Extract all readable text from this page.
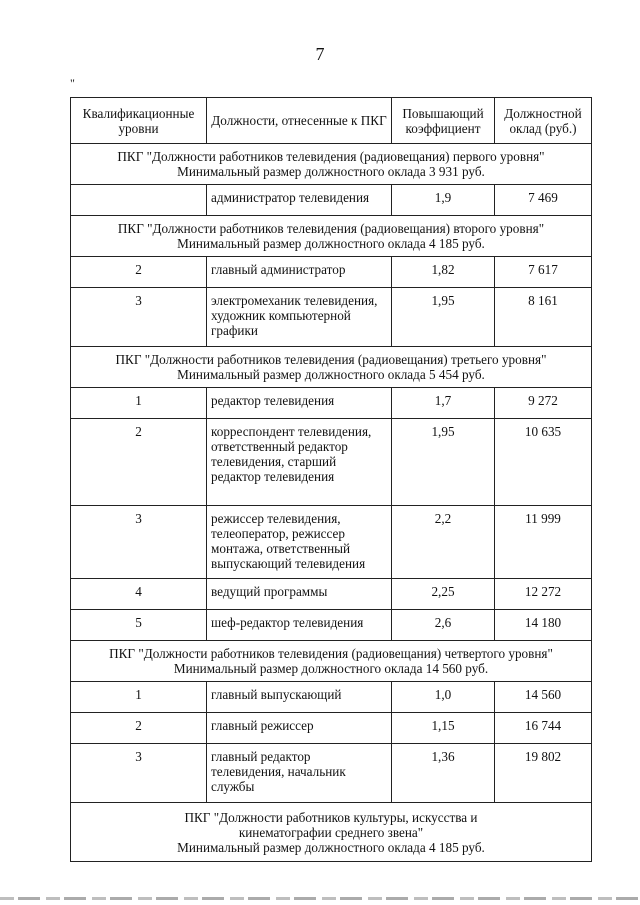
7
"
Квалификационные уровни	Должности, отнесенные к ПКГ	Повышающий коэффициент	Должностной оклад (руб.)

ПКГ "Должности работников телевидения (радиовещания) первого уровня"
Минимальный размер должностного оклада 3 931 руб.			

	администратор телевидения	1,9	7 469

ПКГ "Должности работников телевидения (радиовещания) второго уровня"
Минимальный размер должностного оклада 4 185 руб.			

2	главный администратор	1,82	7 617
3	электромеханик телевидения, художник компьютерной графики	1,95	8 161

ПКГ "Должности работников телевидения (радиовещания) третьего уровня"
Минимальный размер должностного оклада 5 454 руб.			

1	редактор телевидения	1,7	9 272
2	корреспондент телевидения, ответственный редактор телевидения, старший редактор телевидения	1,95	10 635
3	режиссер телевидения, телеоператор, режиссер монтажа, ответственный выпускающий телевидения	2,2	11 999
4	ведущий программы	2,25	12 272
5	шеф-редактор телевидения	2,6	14 180

ПКГ "Должности работников телевидения (радиовещания) четвертого уровня"
Минимальный размер должностного оклада 14 560 руб.			

1	главный выпускающий	1,0	14 560
2	главный режиссер	1,15	16 744
3	главный редактор телевидения, начальник службы	1,36	19 802

ПКГ "Должности работников культуры, искусства и кинематографии среднего звена"
Минимальный размер должностного оклада 4 185 руб.			
